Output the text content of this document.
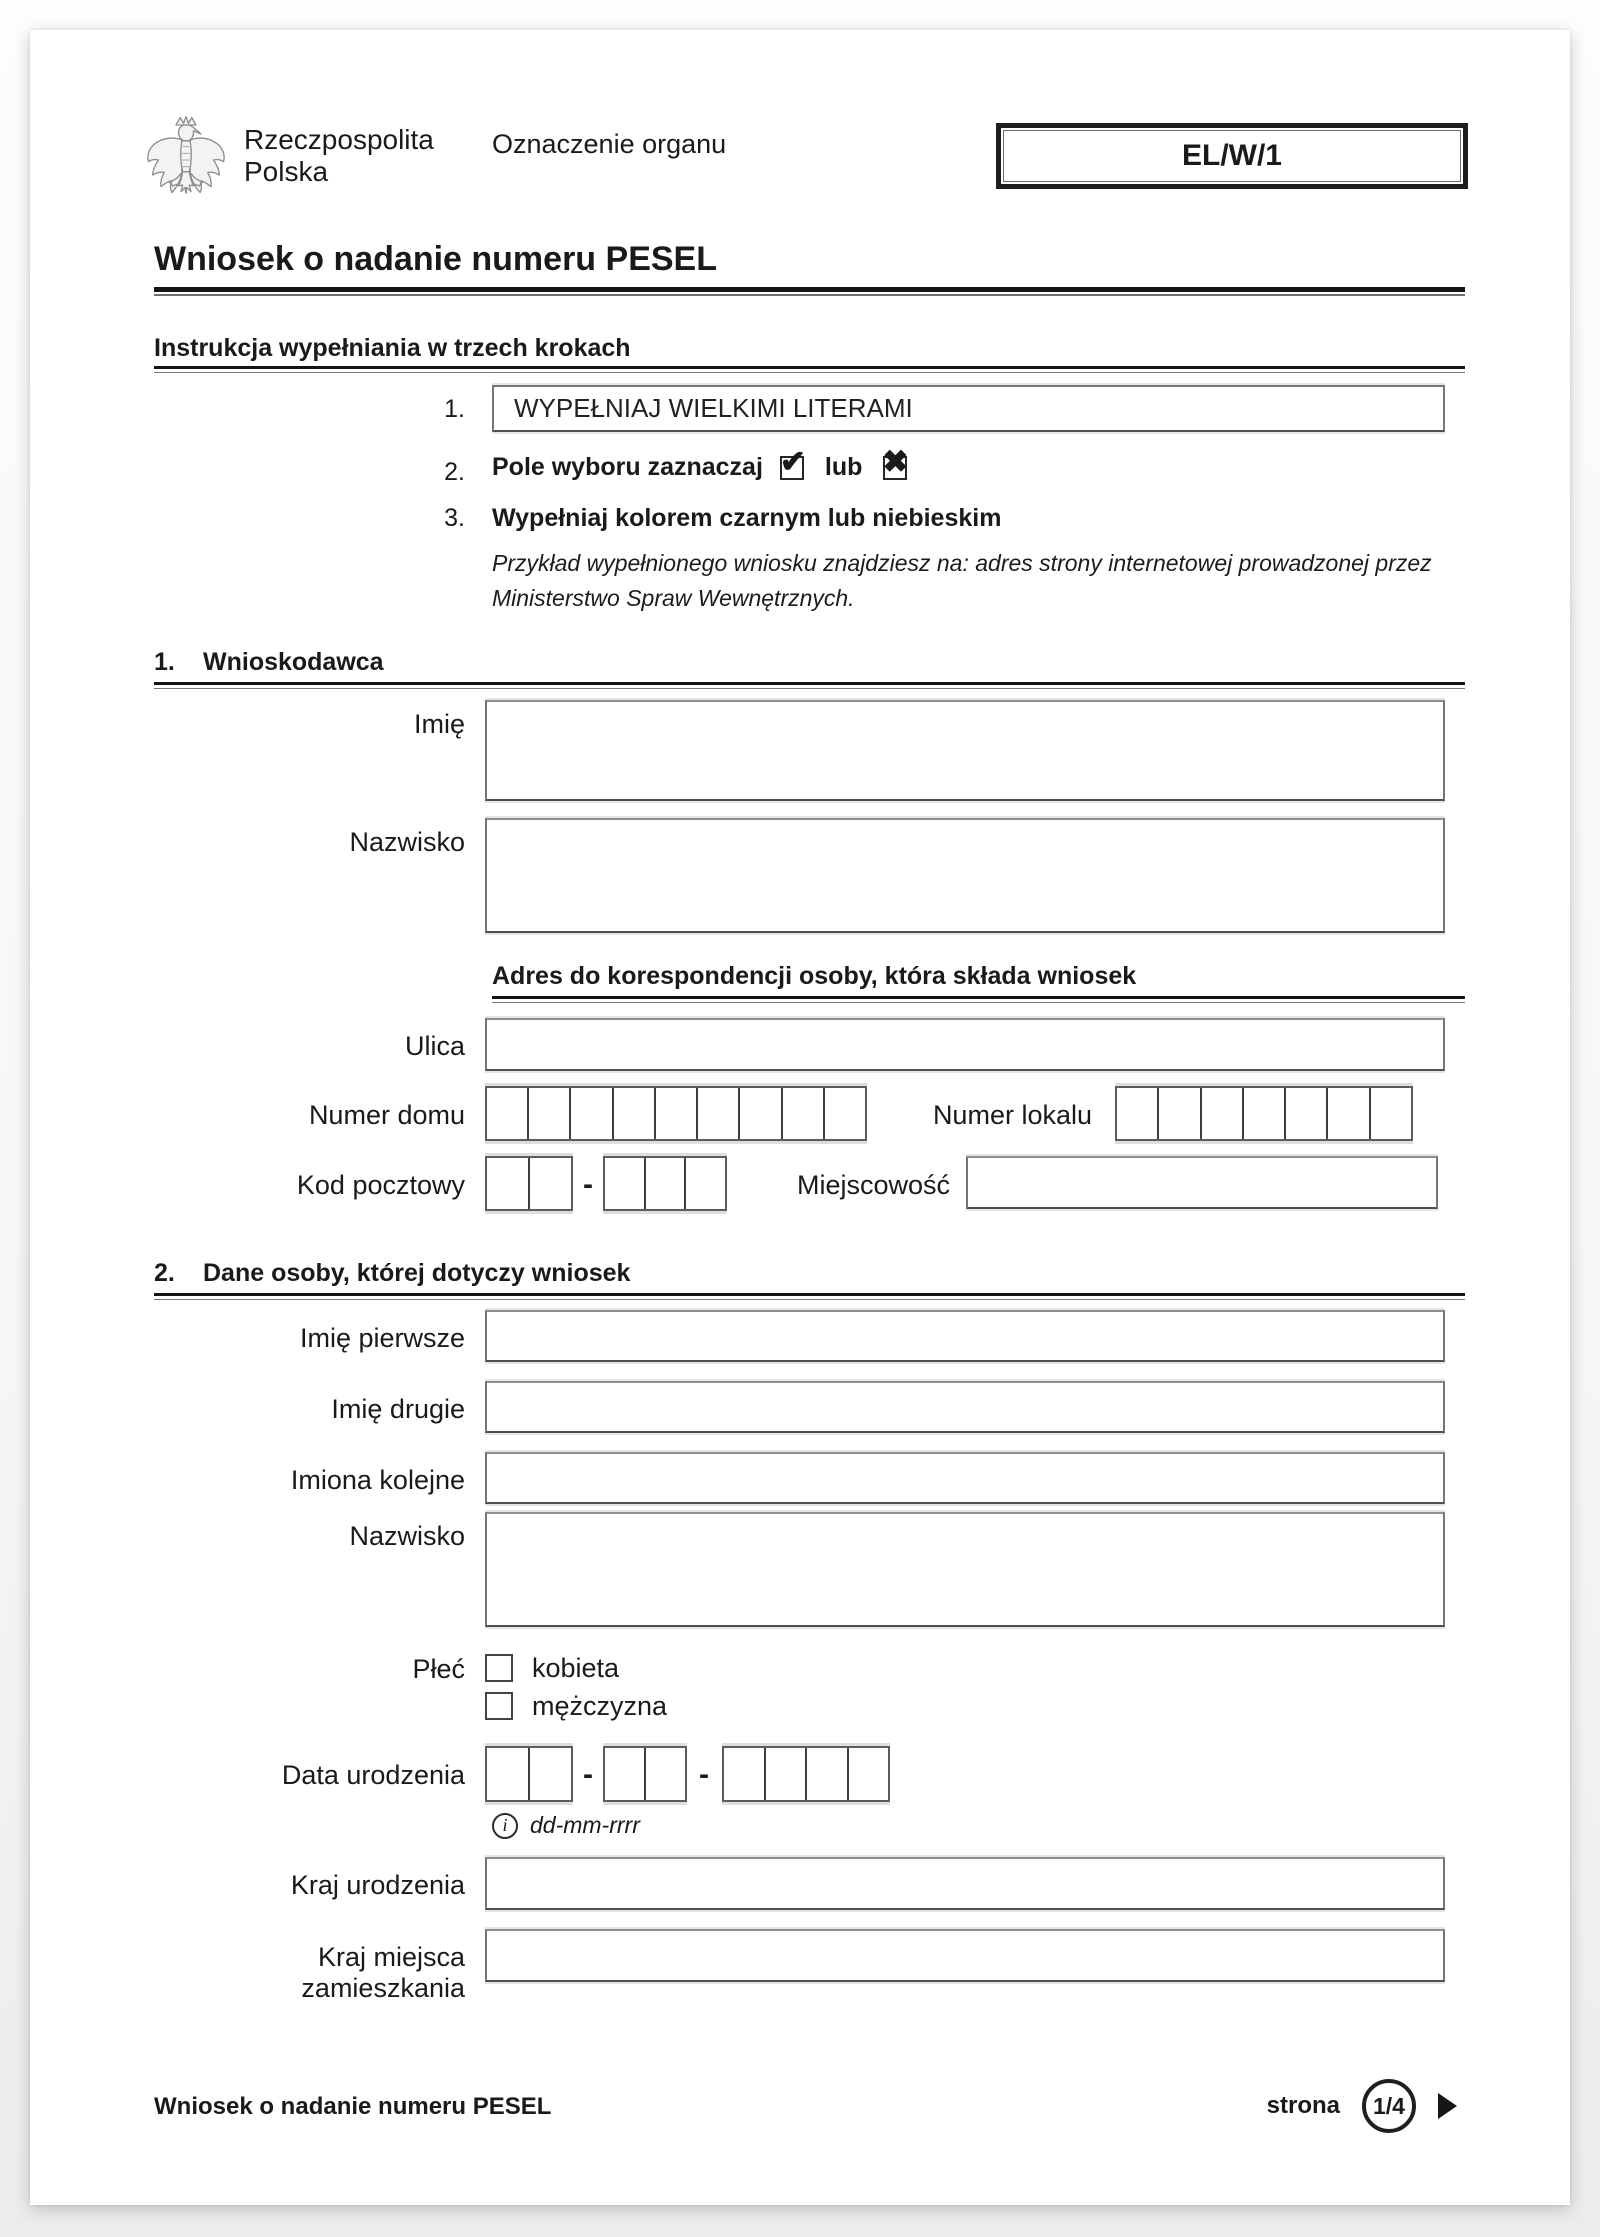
Rzeczpospolita Polska
Oznaczenie organu	EL/W/1
Wniosek o nadanie numeru PESEL
Instrukcja wypełniania w trzech krokach
1. WYPEŁNIAJ WIELKIMI LITERAMI
2. Pole wyboru zaznaczaj ✔ lub ✖
3. Wypełniaj kolorem czarnym lub niebieskim
Przykład wypełnionego wniosku znajdziesz na: adres strony internetowej prowadzonej przez Ministerstwo Spraw Wewnętrznych.
1. Wnioskodawca
Imię
Nazwisko
Adres do korespondencji osoby, która składa wniosek
Ulica
Numer domu	Numer lokalu
Kod pocztowy	-	Miejscowość
2. Dane osoby, której dotyczy wniosek
Imię pierwsze
Imię drugie
Imiona kolejne
Nazwisko
Płeć kobieta
mężczyzna
Data urodzenia	-	-
i dd-mm-rrrr
Kraj urodzenia
Kraj miejsca zamieszkania
Wniosek o nadanie numeru PESEL	strona 1/4
